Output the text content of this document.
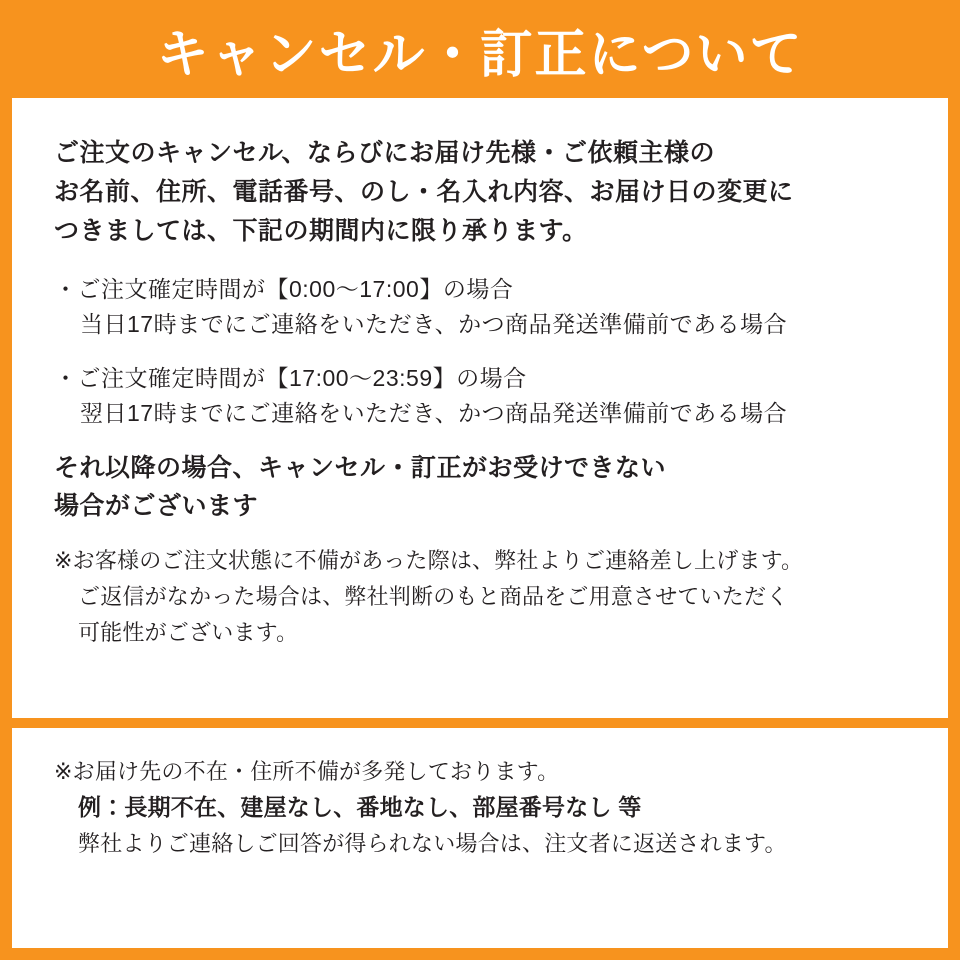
キャンセル・訂正について
ご注文のキャンセル、ならびにお届け先様・ご依頼主様の
お名前、住所、電話番号、のし・名入れ内容、お届け日の変更に
つきましては、下記の期間内に限り承ります。
・ご注文確定時間が【0:00〜17:00】の場合
当日17時までにご連絡をいただき、かつ商品発送準備前である場合
・ご注文確定時間が【17:00〜23:59】の場合
翌日17時までにご連絡をいただき、かつ商品発送準備前である場合
それ以降の場合、キャンセル・訂正がお受けできない
場合がございます
※お客様のご注文状態に不備があった際は、弊社よりご連絡差し上げます。
ご返信がなかった場合は、弊社判断のもと商品をご用意させていただく
可能性がございます。
※お届け先の不在・住所不備が多発しております。
例：長期不在、建屋なし、番地なし、部屋番号なし 等
弊社よりご連絡しご回答が得られない場合は、注文者に返送されます。
